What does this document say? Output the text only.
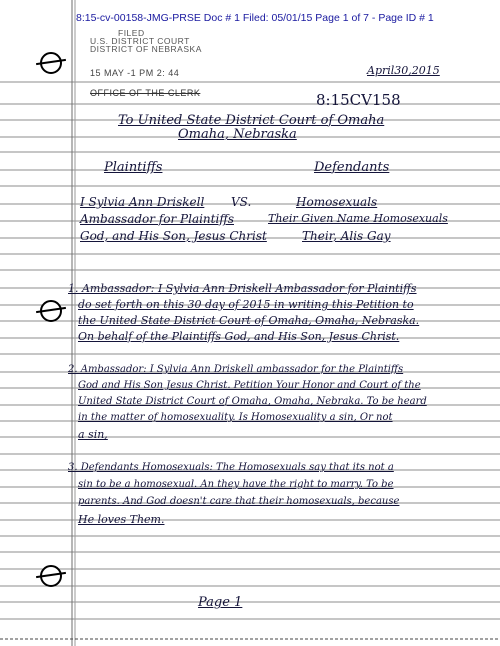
8:15-cv-00158-JMG-PRSE Doc # 1 Filed: 05/01/15 Page 1 of 7 - Page ID # 1
FILED
U.S. DISTRICT COURT
DISTRICT OF NEBRASKA
15 MAY -1 PM 2: 44
OFFICE OF THE CLERK
April30,2015
8:15CV158
To United State District Court of Omaha
Omaha, Nebraska
Plaintiffs	Defendants
I Sylvia Ann Driskell VS.	Homosexuals
Ambassador for Plaintiffs	Their Given Name Homosexuals
God, and His Son, Jesus Christ	Their, Alis Gay
1. Ambassador: I Sylvia Ann Driskell Ambassador for Plaintiffs
do set forth on this 30 day of 2015 in writing this Petition to
the United State District Court of Omaha, Omaha, Nebraska.
On behalf of the Plaintiffs God, and His Son, Jesus Christ.
2. Ambassador: I Sylvia Ann Driskell ambassador for the Plaintiffs
God and His Son Jesus Christ. Petition Your Honor and Court of the
United State District Court of Omaha, Omaha, Nebraka. To be heard
in the matter of homosexuality. Is Homosexuality a sin, Or not
a sin,
3. Defendants Homosexuals: The Homosexuals say that its not a
sin to be a homosexual. An they have the right to marry. To be
parents. And God doesn't care that their homosexuals, because
He loves Them.
Page 1
